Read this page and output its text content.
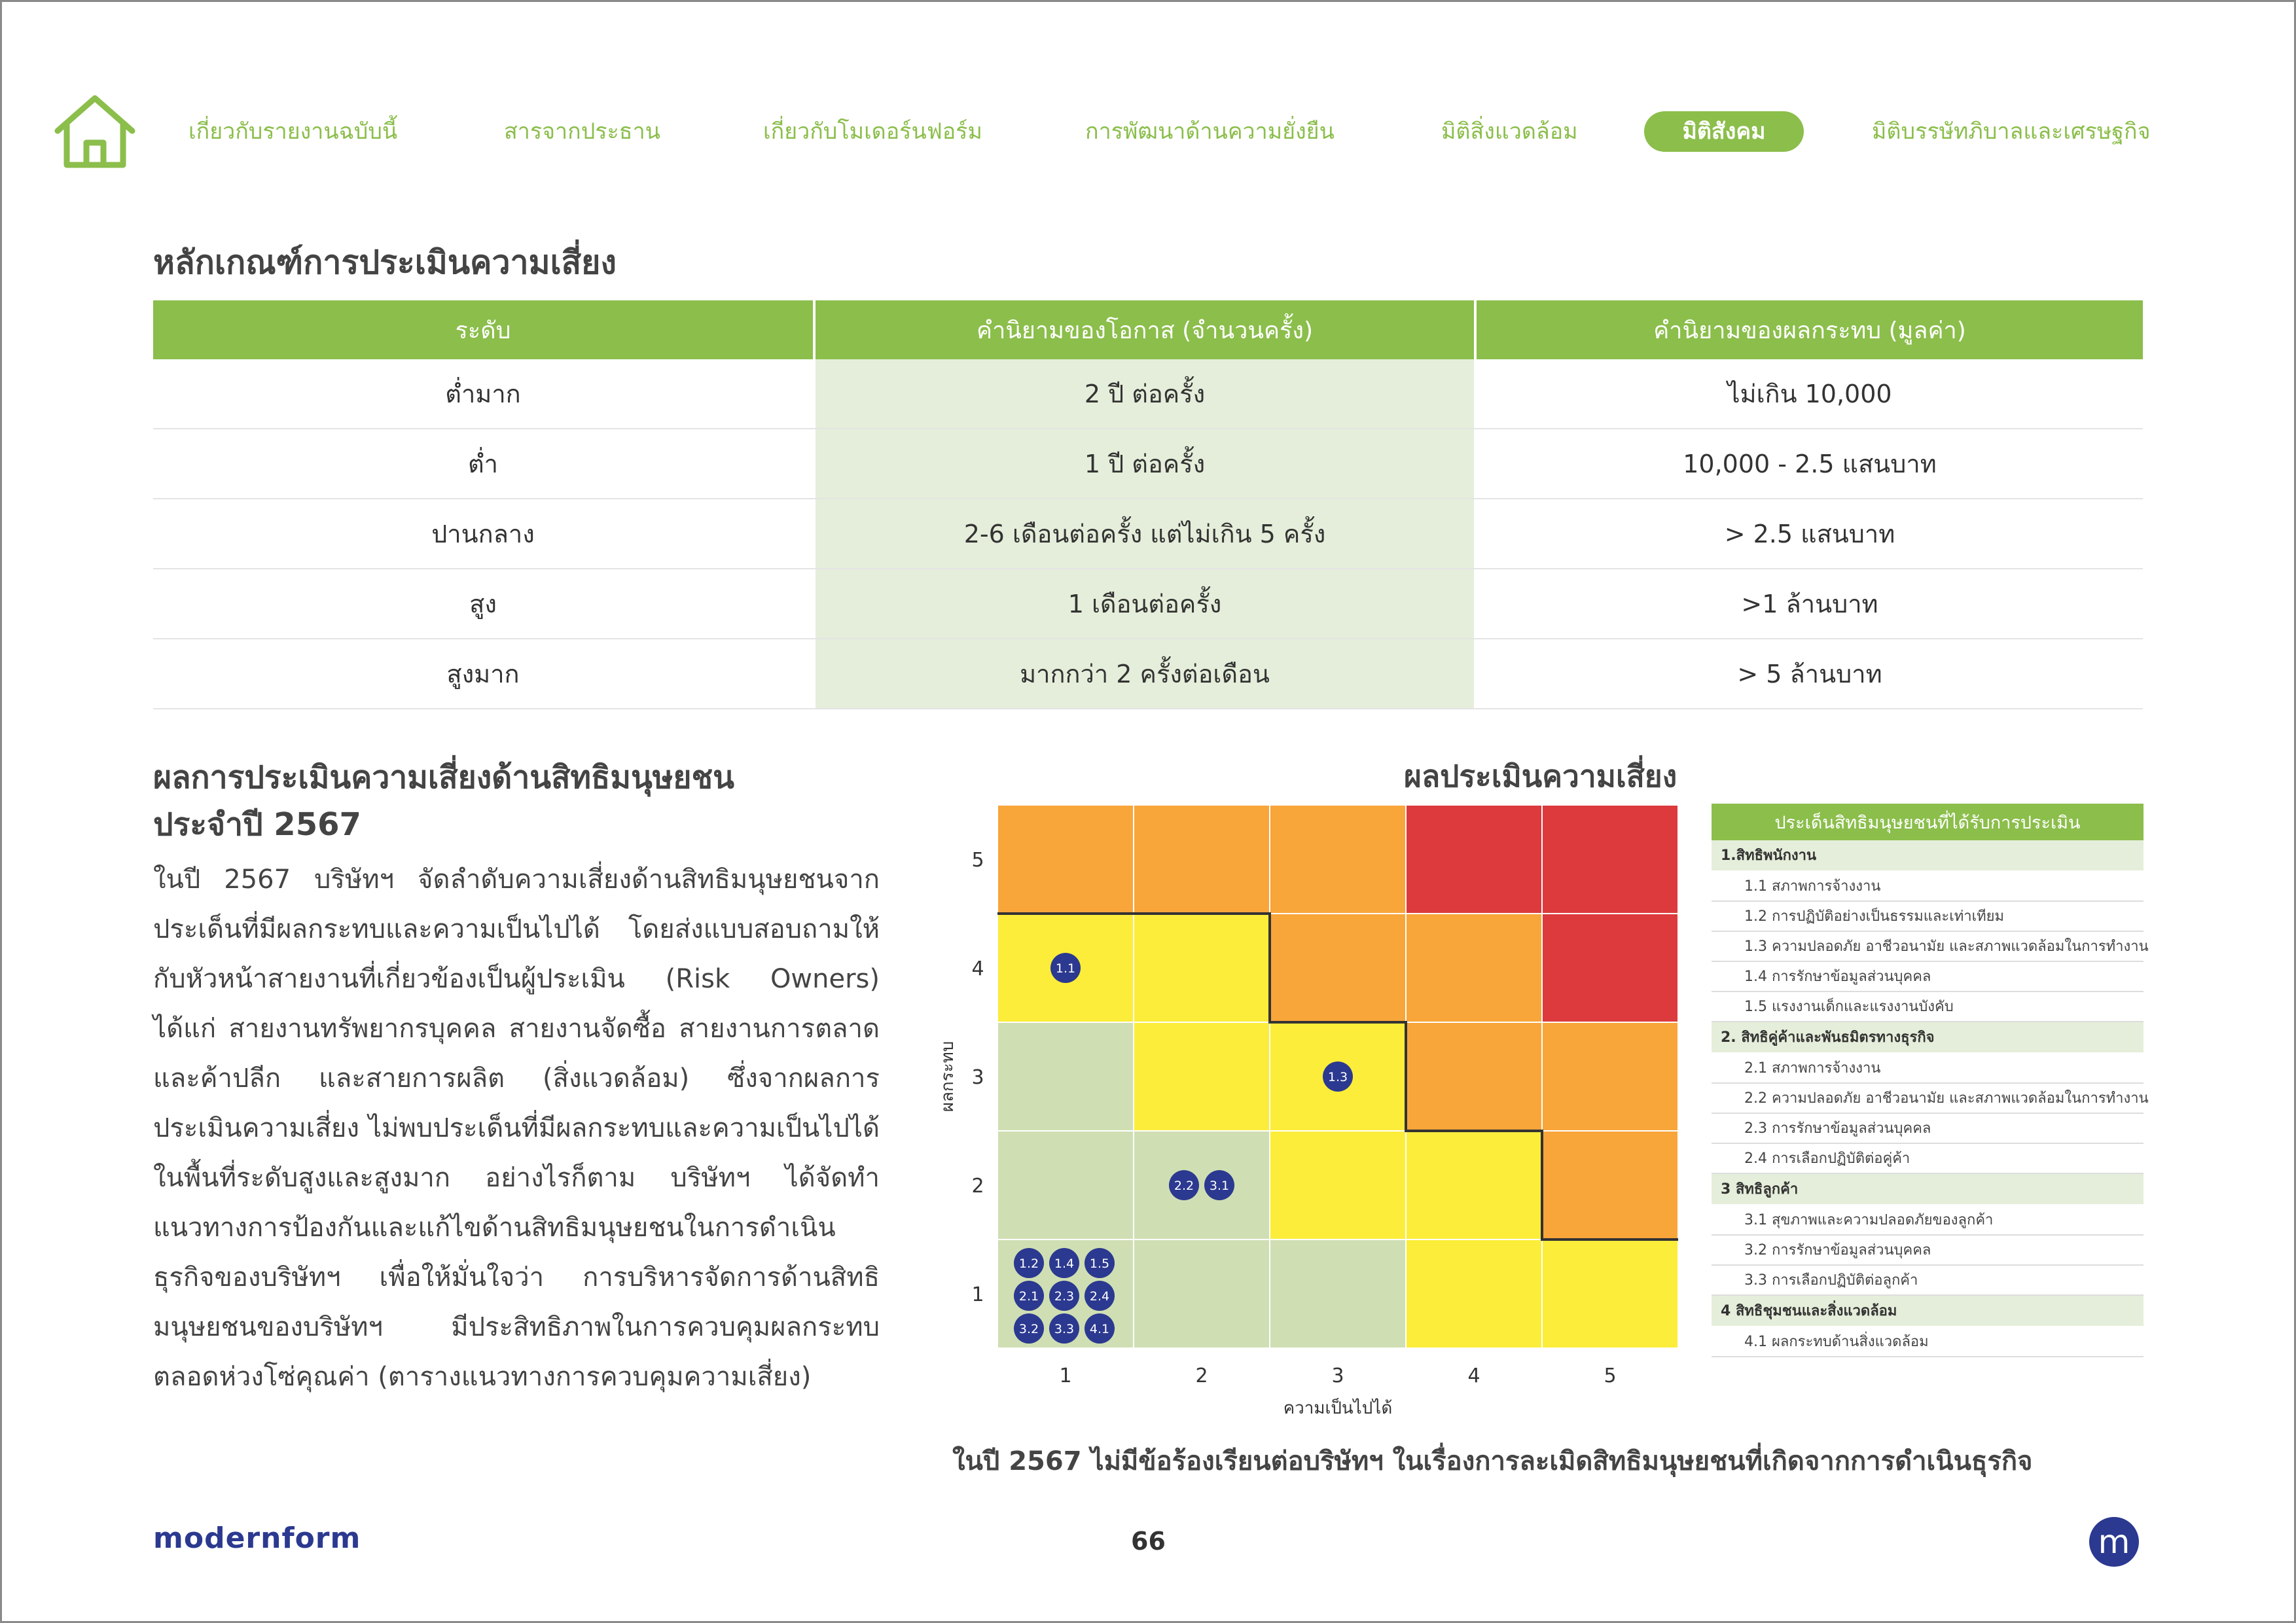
เกี่ยวกับรายงานฉบับนี้	สารจากประธาน	เกี่ยวกับโมเดอร์นฟอร์ม	การพัฒนาด้านความยั่งยืน	มิติสิ่งแวดล้อม	มิติสังคม	มิติบรรษัทภิบาลและเศรษฐกิจ
หลักเกณฑ์การประเมินความเสี่ยง
ระดับ	คำนิยามของโอกาส (จำนวนครั้ง)	คำนิยามของผลกระทบ (มูลค่า)
ต่ำมาก	2 ปี ต่อครั้ง	ไม่เกิน 10,000
ต่ำ	1 ปี ต่อครั้ง	10,000 - 2.5 แสนบาท
ปานกลาง	2-6 เดือนต่อครั้ง แต่ไม่เกิน 5 ครั้ง	> 2.5 แสนบาท
สูง	1 เดือนต่อครั้ง	>1 ล้านบาท
สูงมาก	มากกว่า 2 ครั้งต่อเดือน	> 5 ล้านบาท
ผลการประเมินความเสี่ยงด้านสิทธิมนุษยชน
ประจำปี 2567

ในปี 2567 บริษัทฯ จัดลำดับความเสี่ยงด้านสิทธิมนุษยชนจากประเด็นที่มีผลกระทบและความเป็นไปได้ โดยส่งแบบสอบถามให้กับหัวหน้าสายงานที่เกี่ยวข้องเป็นผู้ประเมิน (Risk Owners) ได้แก่ สายงานทรัพยากรบุคคล สายงานจัดซื้อ สายงานการตลาดและค้าปลีก และสายการผลิต (สิ่งแวดล้อม) ซึ่งจากผลการประเมินความเสี่ยง ไม่พบประเด็นที่มีผลกระทบและความเป็นไปได้ในพื้นที่ระดับสูงและสูงมาก อย่างไรก็ตาม บริษัทฯ ได้จัดทำแนวทางการป้องกันและแก้ไขด้านสิทธิมนุษยชนในการดำเนินธุรกิจของบริษัทฯ เพื่อให้มั่นใจว่า การบริหารจัดการด้านสิทธิมนุษยชนของบริษัทฯ มีประสิทธิภาพในการควบคุมผลกระทบตลอดห่วงโซ่คุณค่า (ตารางแนวทางการควบคุมความเสี่ยง)

ผลประเมินความเสี่ยง
1	2	3	4	5
1
2
3
4
5
ความเป็นไปได้
ผลกระทบ
1.1
1.3
2.2 3.1
1.2 1.4 1.5
2.1 2.3 2.4
3.2 3.3 4.1
ประเด็นสิทธิมนุษยชนที่ได้รับการประเมิน
1.สิทธิพนักงาน
1.1 สภาพการจ้างงาน
1.2 การปฏิบัติอย่างเป็นธรรมและเท่าเทียม
1.3 ความปลอดภัย อาชีวอนามัย และสภาพแวดล้อมในการทำงาน
1.4 การรักษาข้อมูลส่วนบุคคล
1.5 แรงงานเด็กและแรงงานบังคับ
2. สิทธิคู่ค้าและพันธมิตรทางธุรกิจ
2.1 สภาพการจ้างงาน
2.2 ความปลอดภัย อาชีวอนามัย และสภาพแวดล้อมในการทำงาน
2.3 การรักษาข้อมูลส่วนบุคคล
2.4 การเลือกปฏิบัติต่อคู่ค้า
3 สิทธิลูกค้า
3.1 สุขภาพและความปลอดภัยของลูกค้า
3.2 การรักษาข้อมูลส่วนบุคคล
3.3 การเลือกปฏิบัติต่อลูกค้า
4 สิทธิชุมชนและสิ่งแวดล้อม
4.1 ผลกระทบด้านสิ่งแวดล้อม
ในปี 2567 ไม่มีข้อร้องเรียนต่อบริษัทฯ ในเรื่องการละเมิดสิทธิมนุษยชนที่เกิดจากการดำเนินธุรกิจ
modernform	66	m
